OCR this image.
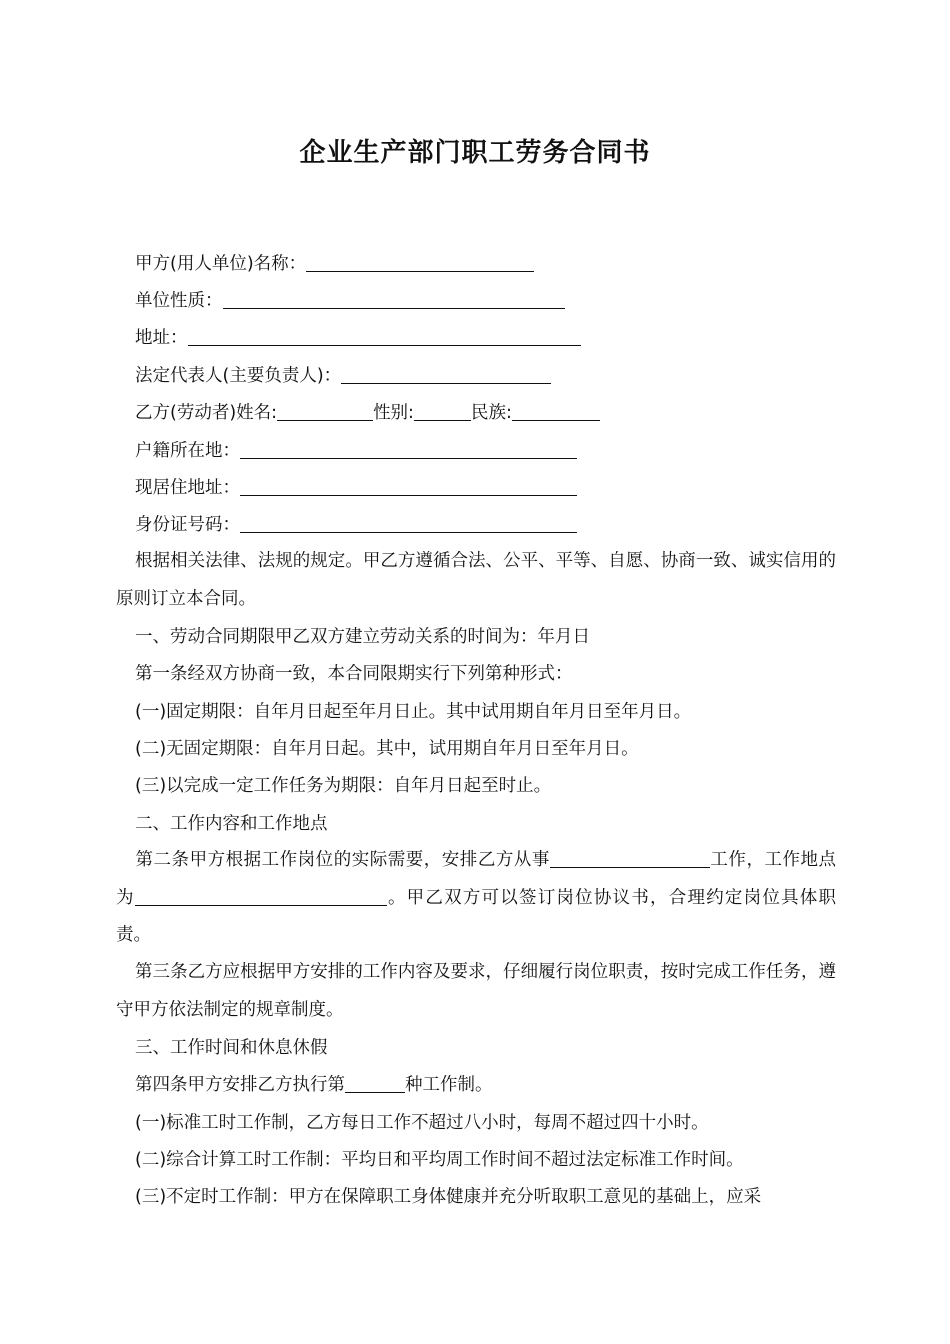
企业生产部门职工劳务合同书
甲方(用人单位)名称：
单位性质：
地址：
法定代表人(主要负责人)：
乙方(劳动者)姓名:	性别:	民族:
户籍所在地：
现居住地址：
身份证号码：
根据相关法律、法规的规定。甲乙方遵循合法、公平、平等、自愿、协商一致、诚实信用的原则订立本合同。
一、劳动合同期限甲乙双方建立劳动关系的时间为：年月日
第一条经双方协商一致，本合同限期实行下列第种形式：
(一)固定期限：自年月日起至年月日止。其中试用期自年月日至年月日。
(二)无固定期限：自年月日起。其中，试用期自年月日至年月日。
(三)以完成一定工作任务为期限：自年月日起至时止。
二、工作内容和工作地点
第二条甲方根据工作岗位的实际需要，安排乙方从事	工作，工作地点为	。甲乙双方可以签订岗位协议书，合理约定岗位具体职责。
第三条乙方应根据甲方安排的工作内容及要求，仔细履行岗位职责，按时完成工作任务，遵守甲方依法制定的规章制度。
三、工作时间和休息休假
第四条甲方安排乙方执行第	种工作制。
(一)标准工时工作制，乙方每日工作不超过八小时，每周不超过四十小时。
(二)综合计算工时工作制：平均日和平均周工作时间不超过法定标准工作时间。
(三)不定时工作制：甲方在保障职工身体健康并充分听取职工意见的基础上，应采
